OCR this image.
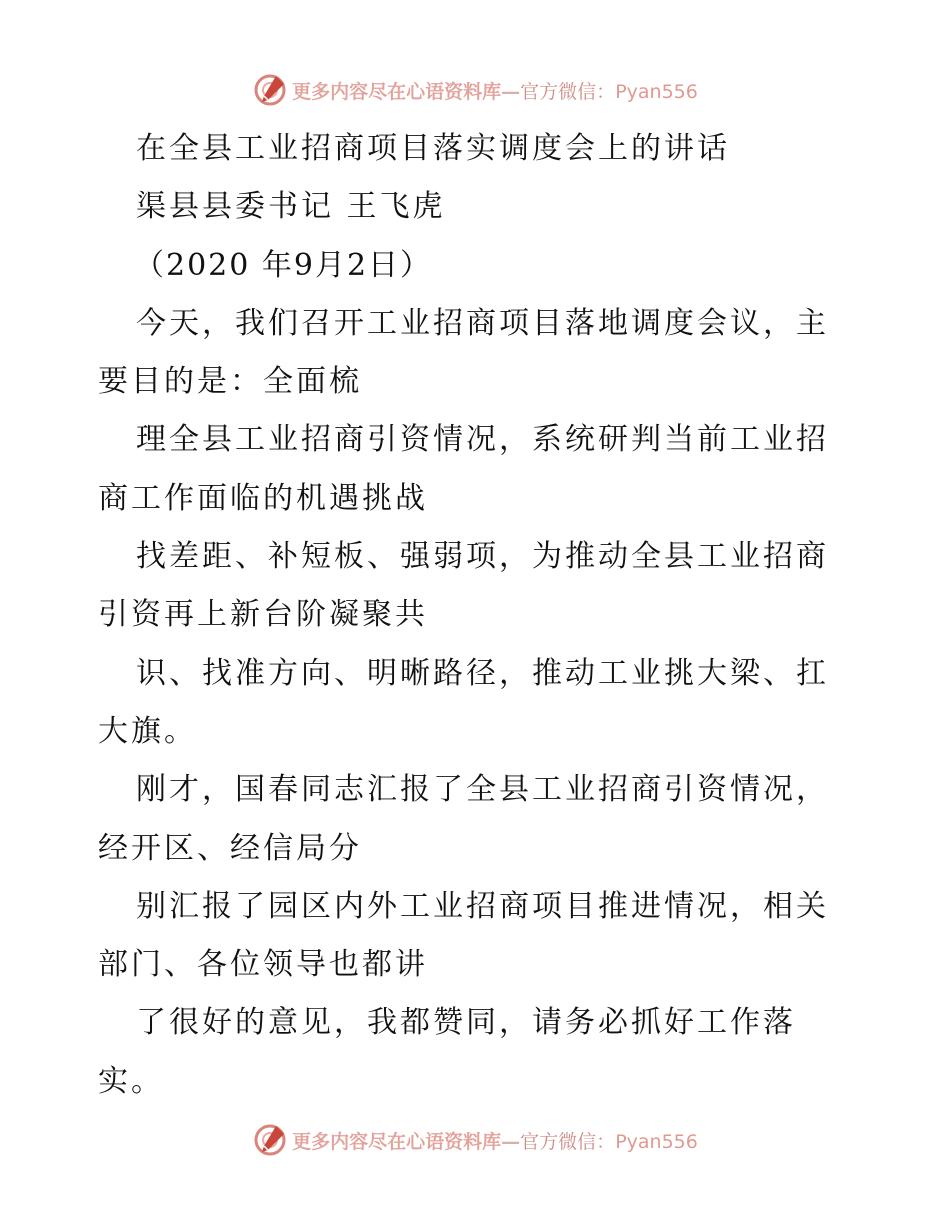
更多内容尽在心语资料库—官方微信：Pyan556
在全县工业招商项目落实调度会上的讲话
渠县县委书记 王飞虎
（2020 年9月2日）
今天，我们召开工业招商项目落地调度会议，主
要目的是：全面梳
理全县工业招商引资情况，系统研判当前工业招
商工作面临的机遇挑战
找差距、补短板、强弱项，为推动全县工业招商
引资再上新台阶凝聚共
识、找准方向、明晰路径，推动工业挑大梁、扛
大旗。
刚才，国春同志汇报了全县工业招商引资情况，
经开区、经信局分
别汇报了园区内外工业招商项目推进情况，相关
部门、各位领导也都讲
了很好的意见，我都赞同，请务必抓好工作落
实。
更多内容尽在心语资料库—官方微信：Pyan556
